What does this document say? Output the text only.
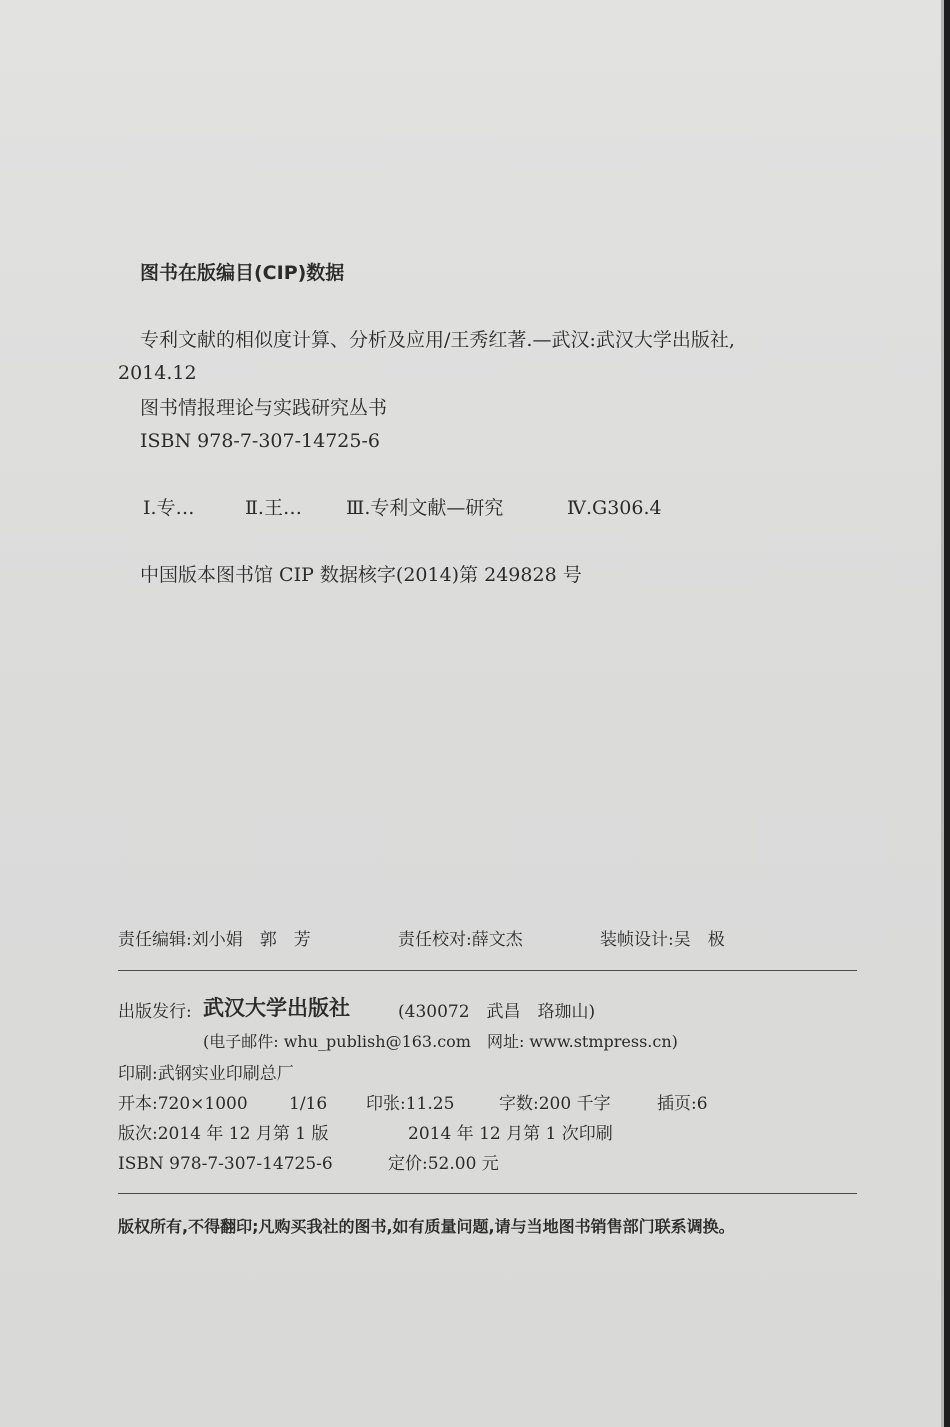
图书在版编目(CIP)数据
专利文献的相似度计算、分析及应用/王秀红著.—武汉:武汉大学出版社,
2014.12
图书情报理论与实践研究丛书
ISBN 978-7-307-14725-6
Ⅰ.专…	Ⅱ.王… Ⅲ.专利文献—研究	Ⅳ.G306.4
中国版本图书馆 CIP 数据核字(2014)第 249828 号
责任编辑:刘小娟　郭　芳	责任校对:薛文杰	装帧设计:吴　极
出版发行: 武汉大学出版社	(430072　武昌　珞珈山)
(电子邮件: whu_publish@163.com　网址: www.stmpress.cn)
印刷:武钢实业印刷总厂
开本:720×1000 1/16 印张:11.25	字数:200 千字	插页:6
版次:2014 年 12 月第 1 版	2014 年 12 月第 1 次印刷
ISBN 978-7-307-14725-6	定价:52.00 元
版权所有,不得翻印;凡购买我社的图书,如有质量问题,请与当地图书销售部门联系调换。
